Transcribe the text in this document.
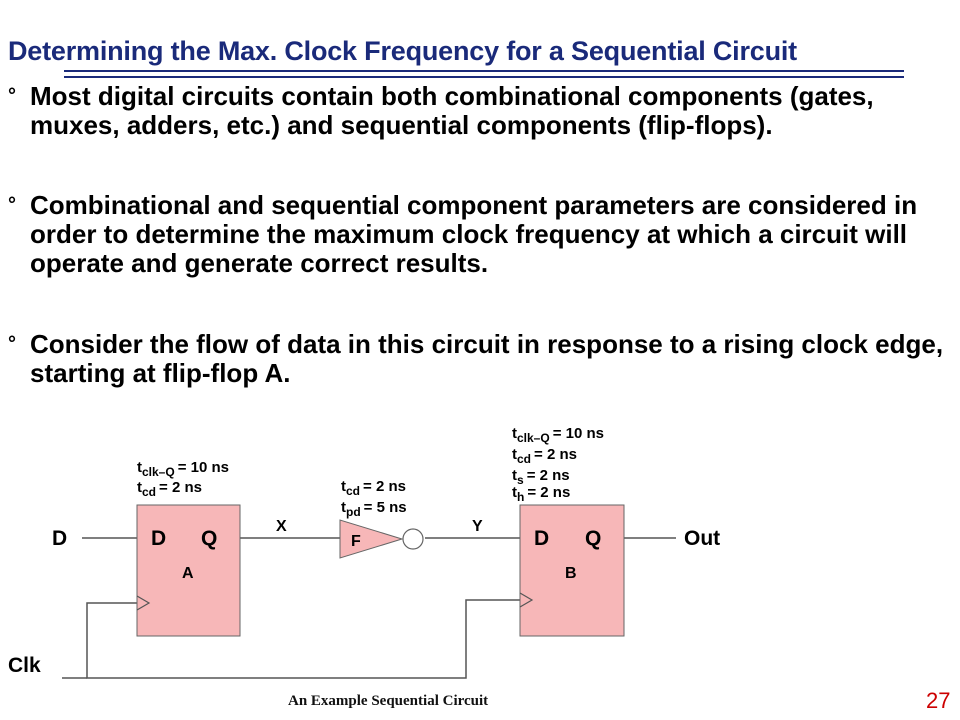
Determining the Max. Clock Frequency for a Sequential Circuit
° Most digital circuits contain both combinational components (gates, muxes, adders, etc.) and sequential components (flip-flops).
° Combinational and sequential component parameters are considered in order to determine the maximum clock frequency at which a circuit will operate and generate correct results.
° Consider the flow of data in this circuit in response to a rising clock edge, starting at flip-flop A.
D
Clk
Out
X	Y
D Q
A
D Q
B
F
$t_{clk-Q} = 10$ ns
$t_{cd} = 2$ ns	$t_{cd} = 2$ ns
$t_{pd} = 5$ ns
$t_{clk-Q} = 10$ ns
$t_{cd} = 2$ ns
$t_s = 2$ ns
$t_h = 2$ ns
An Example Sequential Circuit	27
